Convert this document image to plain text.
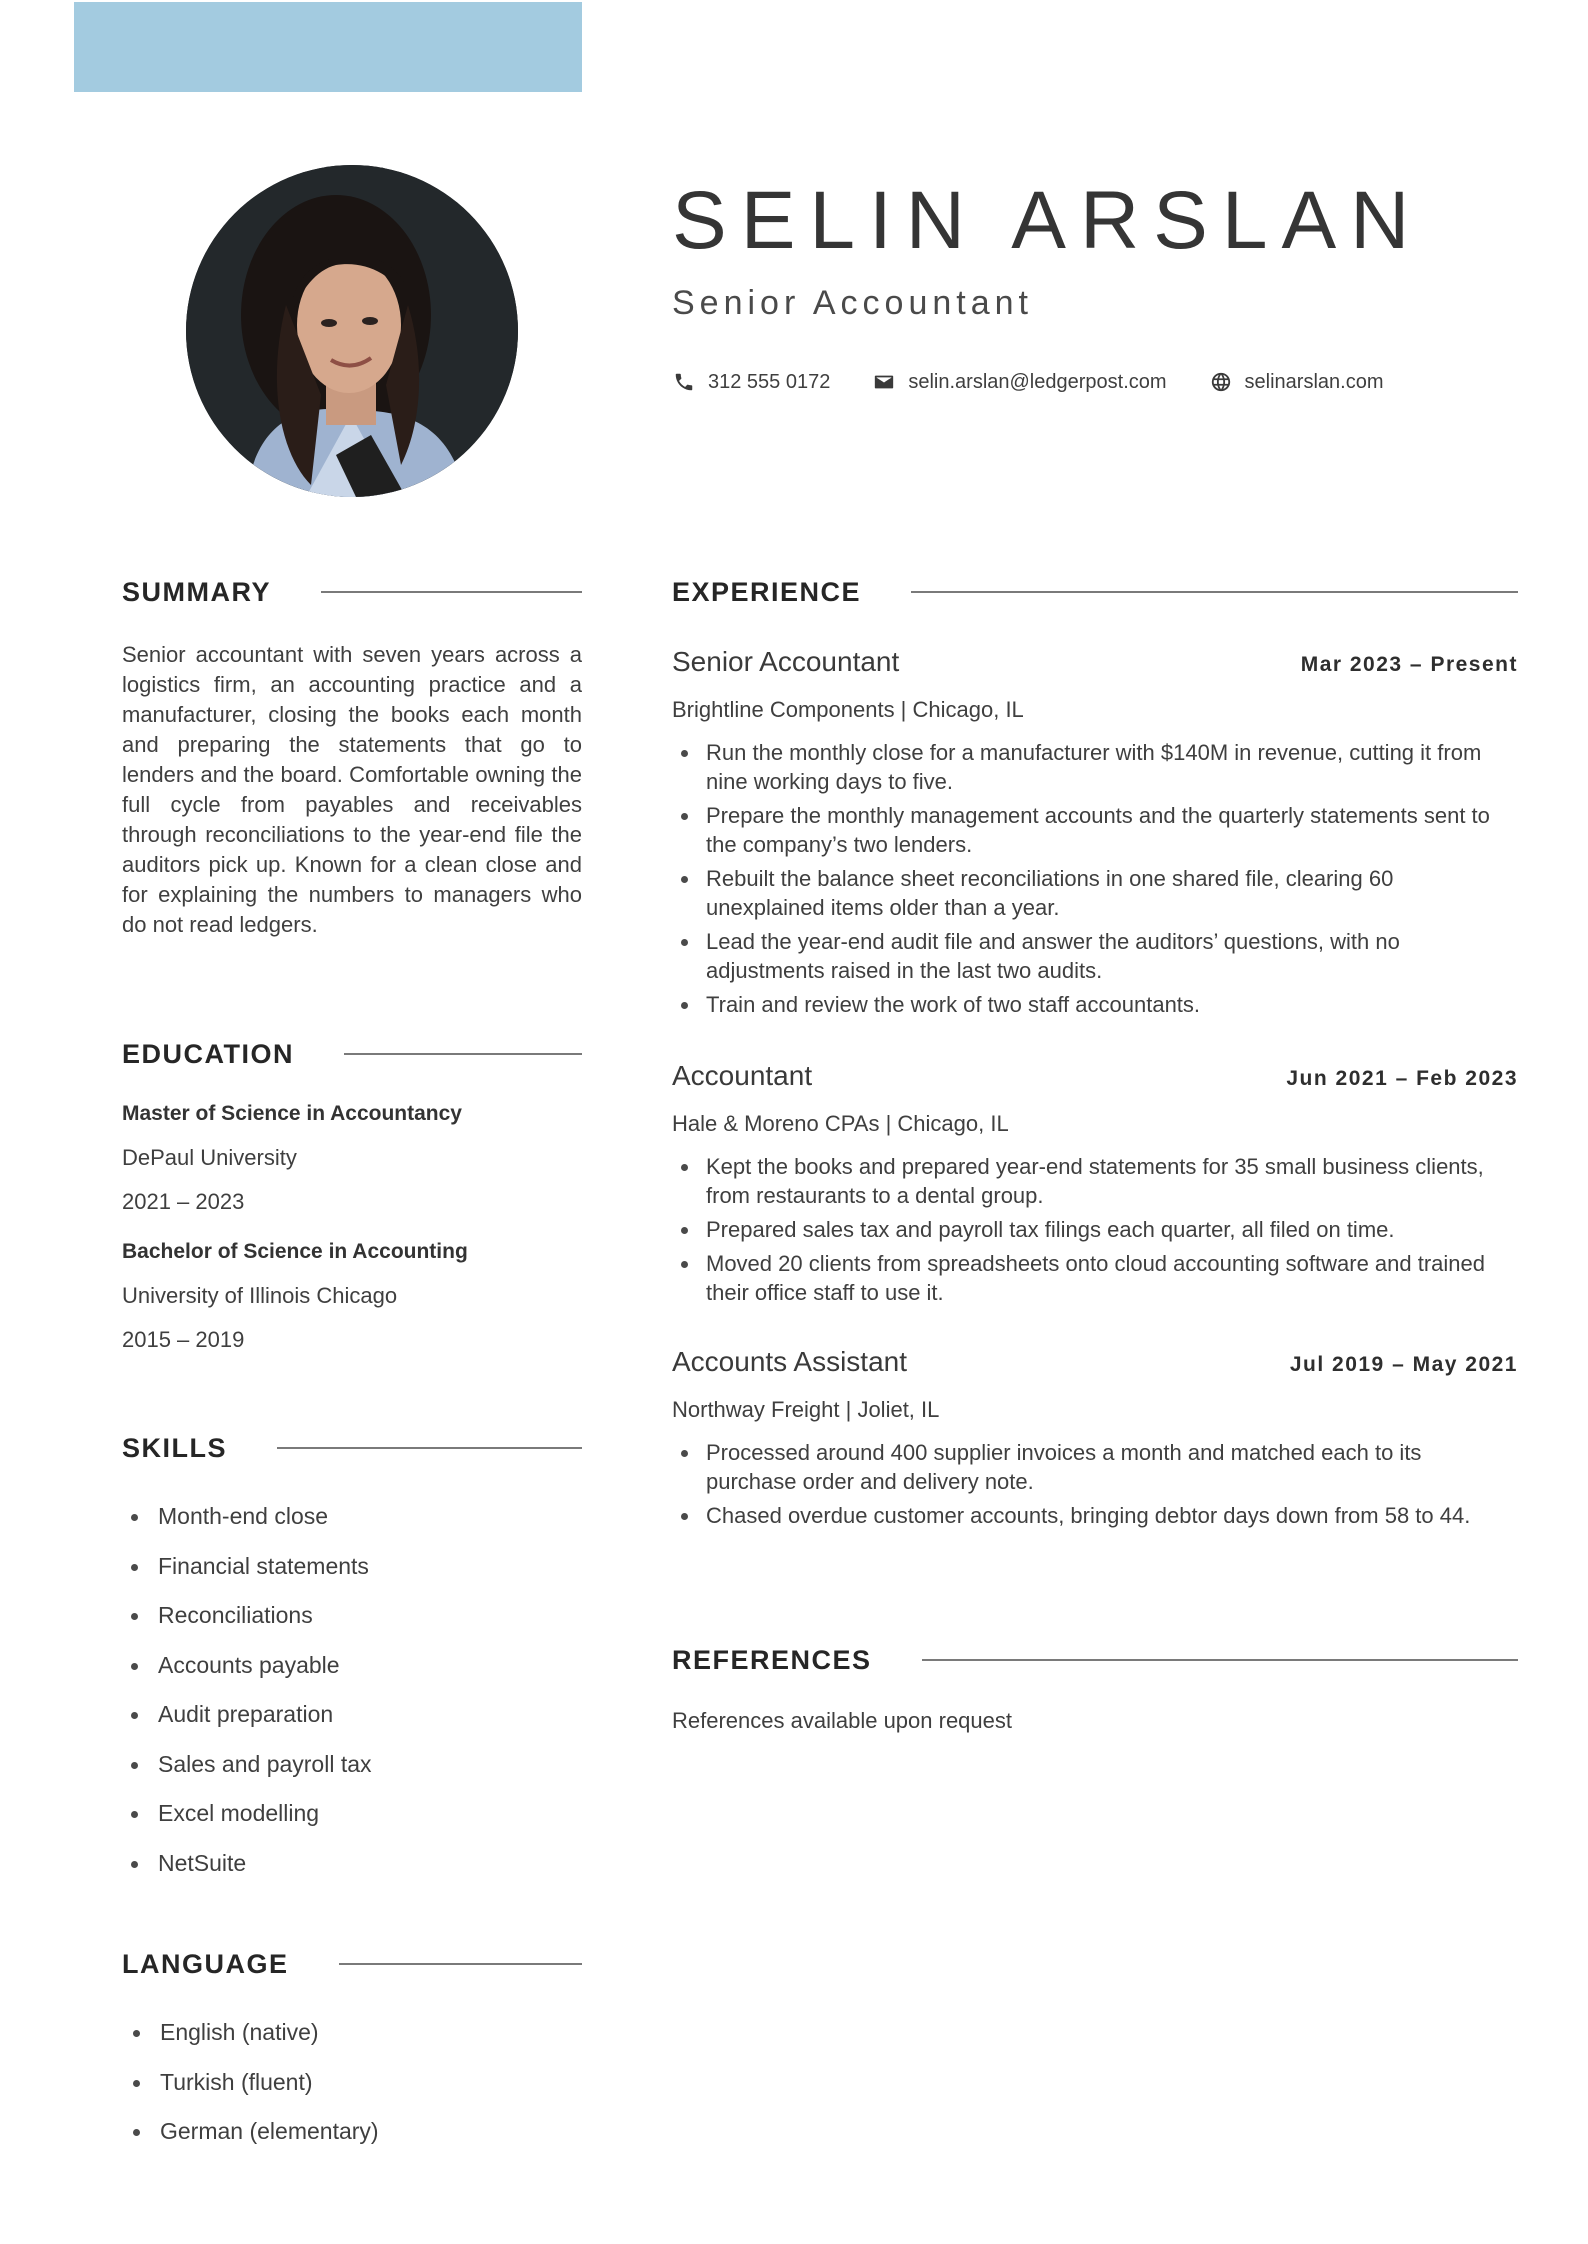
SELIN ARSLAN
Senior Accountant
312 555 0172	selin.arslan@ledgerpost.com	selinarslan.com
SUMMARY
Senior accountant with seven years across a logistics firm, an accounting practice and a manufacturer, closing the books each month and preparing the statements that go to lenders and the board. Comfortable owning the full cycle from payables and receivables through reconciliations to the year-end file the auditors pick up. Known for a clean close and for explaining the numbers to managers who do not read ledgers.
EDUCATION
Master of Science in Accountancy
DePaul University
2021 – 2023
Bachelor of Science in Accounting
University of Illinois Chicago
2015 – 2019
SKILLS
Month-end close
Financial statements
Reconciliations
Accounts payable
Audit preparation
Sales and payroll tax
Excel modelling
NetSuite
LANGUAGE
English (native)
Turkish (fluent)
German (elementary)
EXPERIENCE
Senior Accountant	Mar 2023 – Present
Brightline Components | Chicago, IL
Run the monthly close for a manufacturer with $140M in revenue, cutting it from nine working days to five.
Prepare the monthly management accounts and the quarterly statements sent to the company’s two lenders.
Rebuilt the balance sheet reconciliations in one shared file, clearing 60 unexplained items older than a year.
Lead the year-end audit file and answer the auditors’ questions, with no adjustments raised in the last two audits.
Train and review the work of two staff accountants.
Accountant	Jun 2021 – Feb 2023
Hale & Moreno CPAs | Chicago, IL
Kept the books and prepared year-end statements for 35 small business clients, from restaurants to a dental group.
Prepared sales tax and payroll tax filings each quarter, all filed on time.
Moved 20 clients from spreadsheets onto cloud accounting software and trained their office staff to use it.
Accounts Assistant	Jul 2019 – May 2021
Northway Freight | Joliet, IL
Processed around 400 supplier invoices a month and matched each to its purchase order and delivery note.
Chased overdue customer accounts, bringing debtor days down from 58 to 44.
REFERENCES
References available upon request
